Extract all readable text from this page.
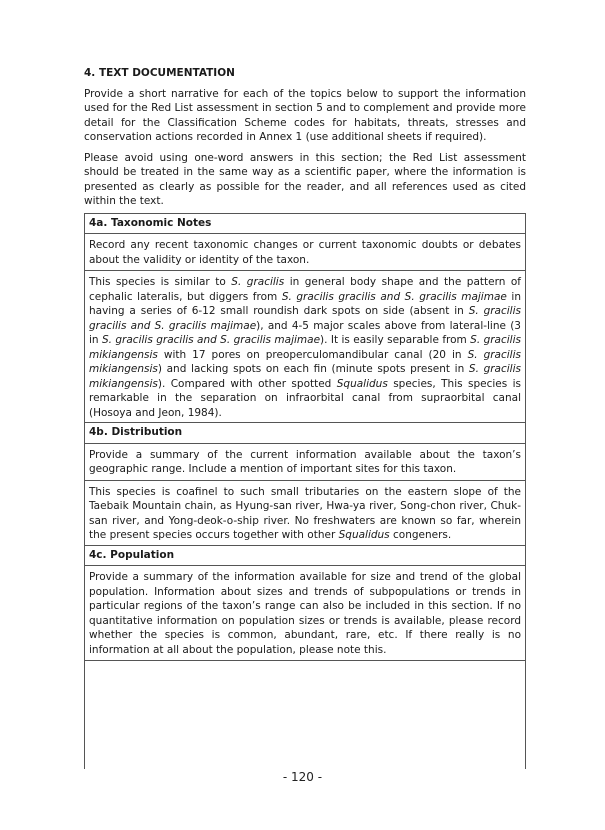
4. TEXT DOCUMENTATION

Provide a short narrative for each of the topics below to support the information used for the Red List assessment in section 5 and to complement and provide more detail for the Classification Scheme codes for habitats, threats, stresses and conservation actions recorded in Annex 1 (use additional sheets if required).

Please avoid using one-word answers in this section; the Red List assessment should be treated in the same way as a scientific paper, where the information is presented as clearly as possible for the reader, and all references used as cited within the text.

4a. Taxonomic Notes
Record any recent taxonomic changes or current taxonomic doubts or debates about the validity or identity of the taxon.
This species is similar to S. gracilis in general body shape and the pattern of cephalic lateralis, but diggers from S. gracilis gracilis and S. gracilis majimae in having a series of 6-12 small roundish dark spots on side (absent in S. gracilis gracilis and S. gracilis majimae), and 4-5 major scales above from lateral-line (3 in S. gracilis gracilis and S. gracilis majimae). It is easily separable from S. gracilis mikiangensis with 17 pores on preoperculomandibular canal (20 in S. gracilis mikiangensis) and lacking spots on each fin (minute spots present in S. gracilis mikiangensis). Compared with other spotted Squalidus species, This species is remarkable in the separation on infraorbital canal from supraorbital canal (Hosoya and Jeon, 1984).
4b. Distribution
Provide a summary of the current information available about the taxon’s geographic range. Include a mention of important sites for this taxon.
This species is coafinel to such small tributaries on the eastern slope of the Taebaik Mountain chain, as Hyung-san river, Hwa-ya river, Song-chon river, Chuk-san river, and Yong-deok-o-ship river. No freshwaters are known so far, wherein the present species occurs together with other Squalidus congeners.
4c. Population
Provide a summary of the information available for size and trend of the global population. Information about sizes and trends of subpopulations or trends in particular regions of the taxon’s range can also be included in this section. If no quantitative information on population sizes or trends is available, please record whether the species is common, abundant, rare, etc. If there really is no information at all about the population, please note this.
- 120 -
